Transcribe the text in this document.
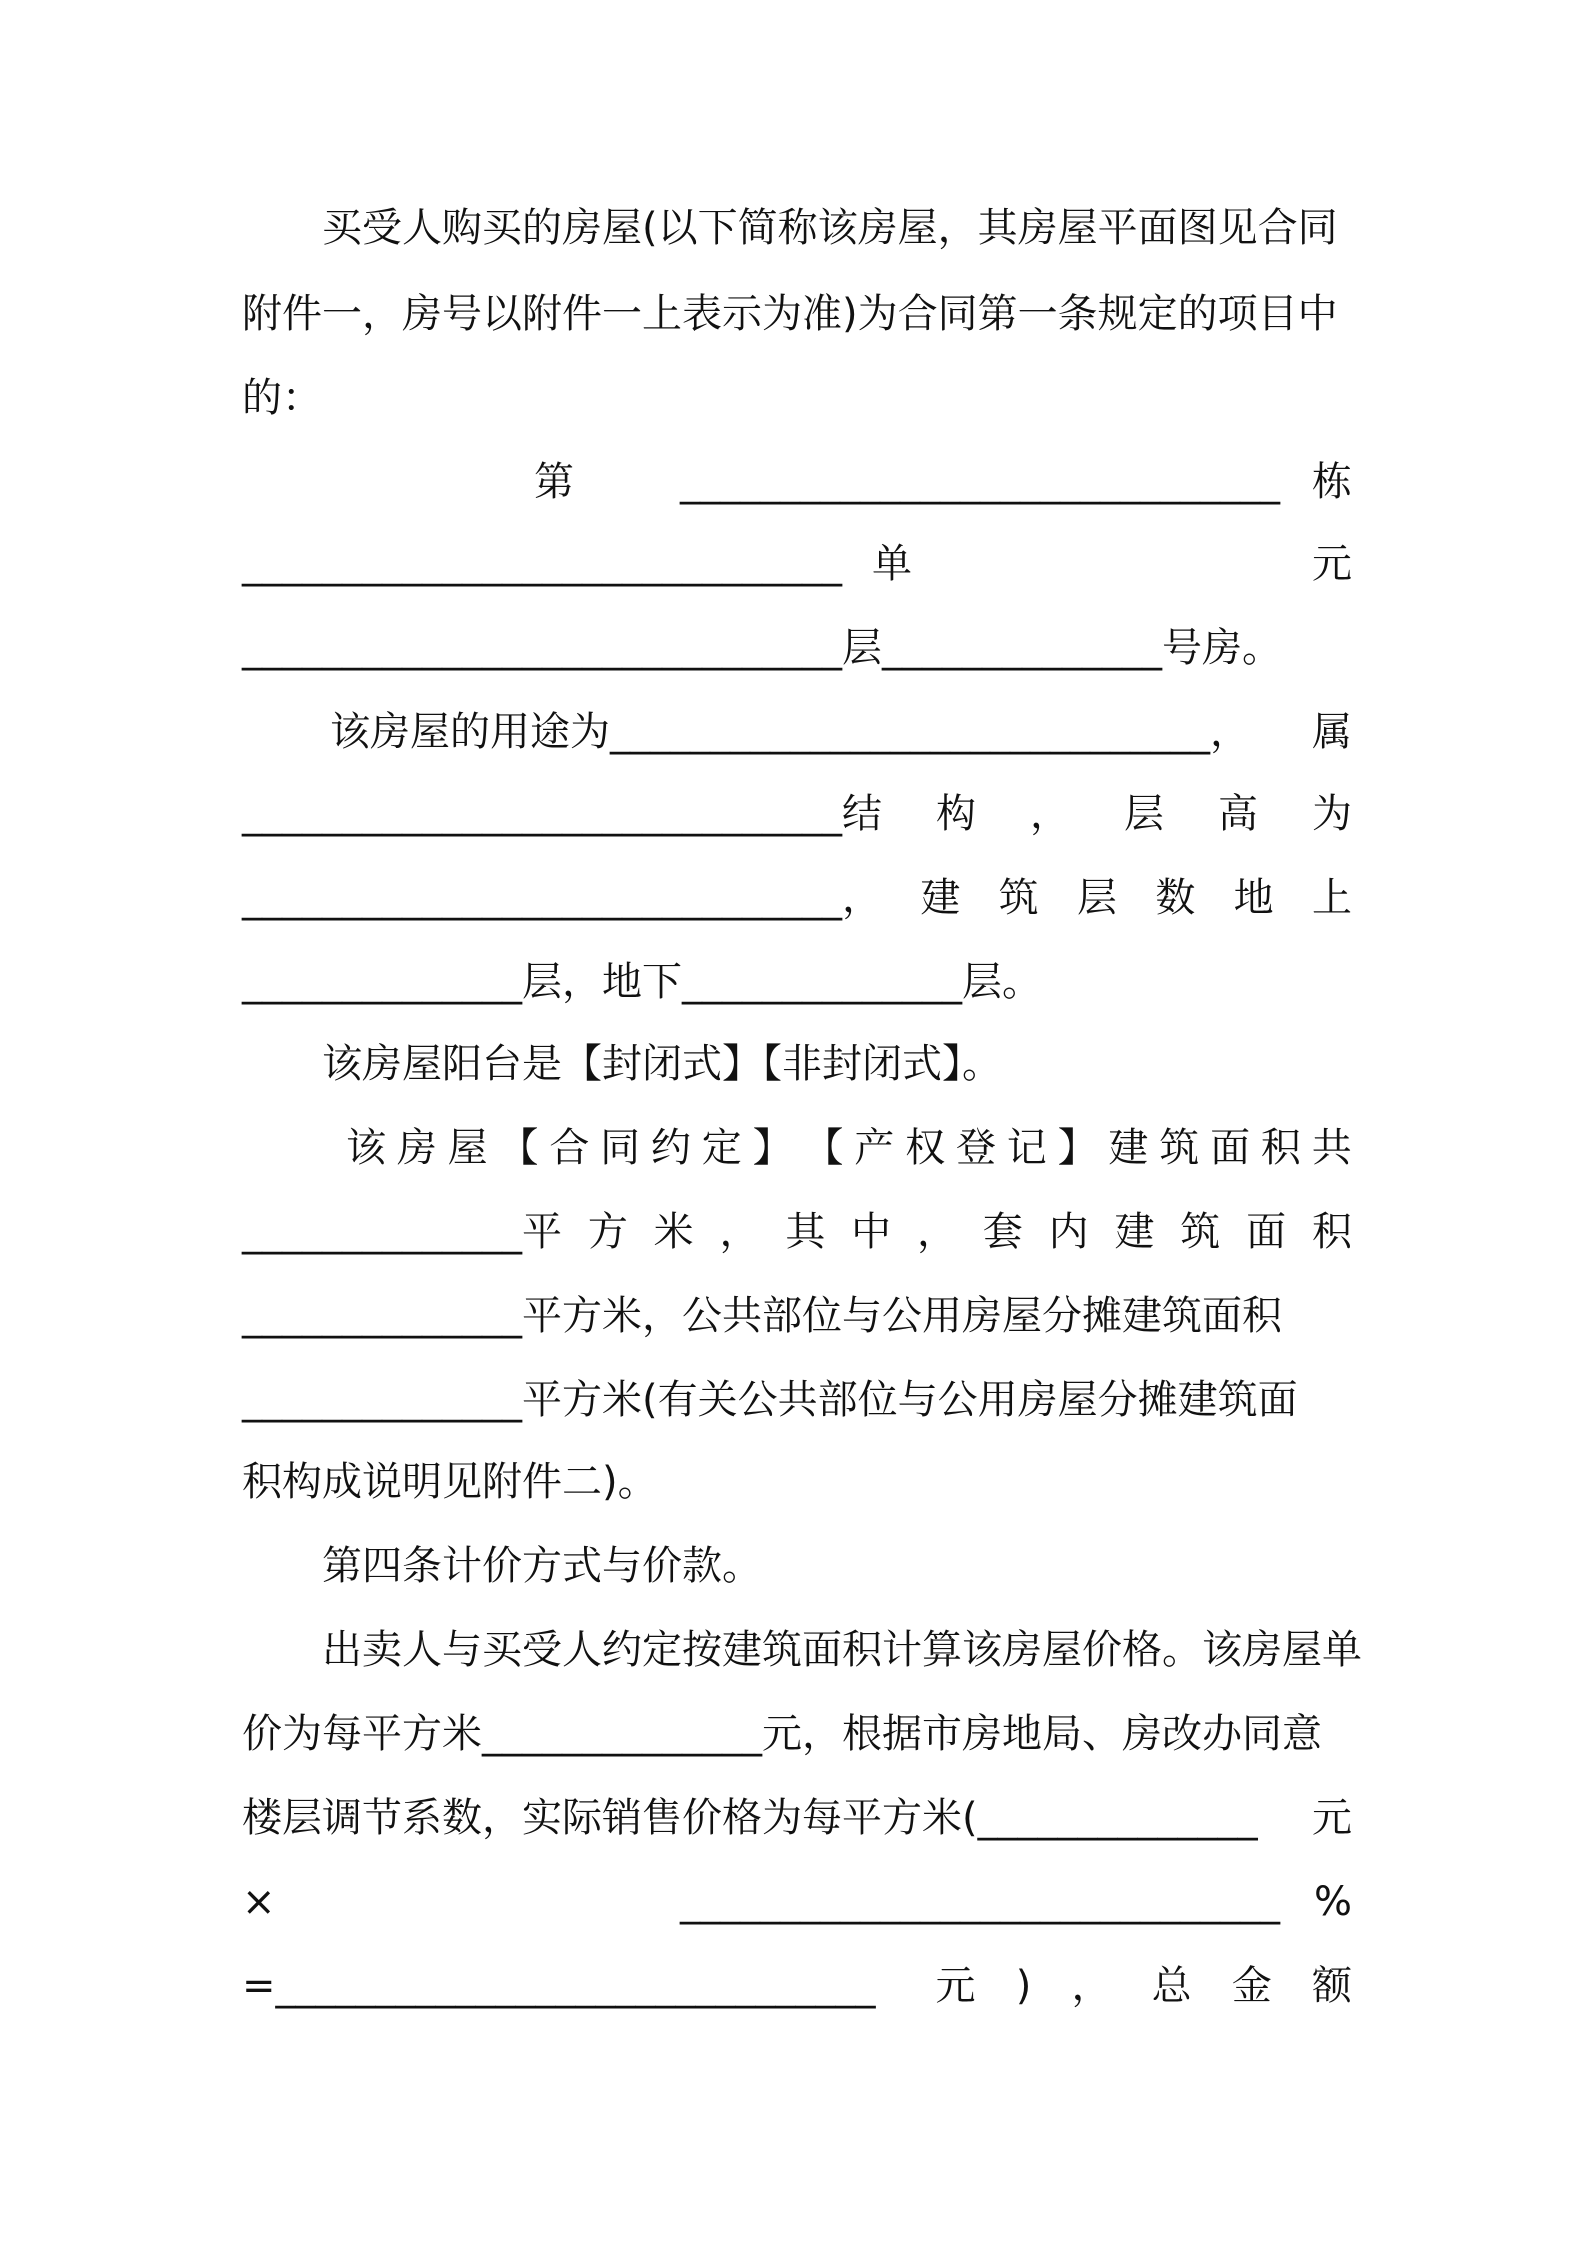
买受人购买的房屋(以下简称该房屋，其房屋平面图见合同
附件一，房号以附件一上表示为准)为合同第一条规定的项目中
的：
第	______________________________ 栋
______________________________ 单	元
______________________________ 层 ______________ 号房。
该房屋的用途为 ______________________________ ， 属
______________________________ 结 构 ， 层 高 为
______________________________ ， 建 筑 层 数 地 上
______________ 层，地下 ______________ 层。
该房屋阳台是【封闭式】【非封闭式】。
该 房 屋 【 合 同 约 定 】 【 产 权 登 记 】 建 筑 面 积 共
______________ 平 方 米 ， 其 中 ， 套 内 建 筑 面 积
______________ 平方米，公共部位与公用房屋分摊建筑面积
______________ 平方米(有关公共部位与公用房屋分摊建筑面
积构成说明见附件二)。
第四条计价方式与价款。
出卖人与买受人约定按建筑面积计算该房屋价格。该房屋单
价为每平方米 ______________ 元，根据市房地局、房改办同意
楼层调节系数，实际销售价格为每平方米( ______________ 元
×	______________________________ %
= ______________________________ 元 ) ， 总 金 额
